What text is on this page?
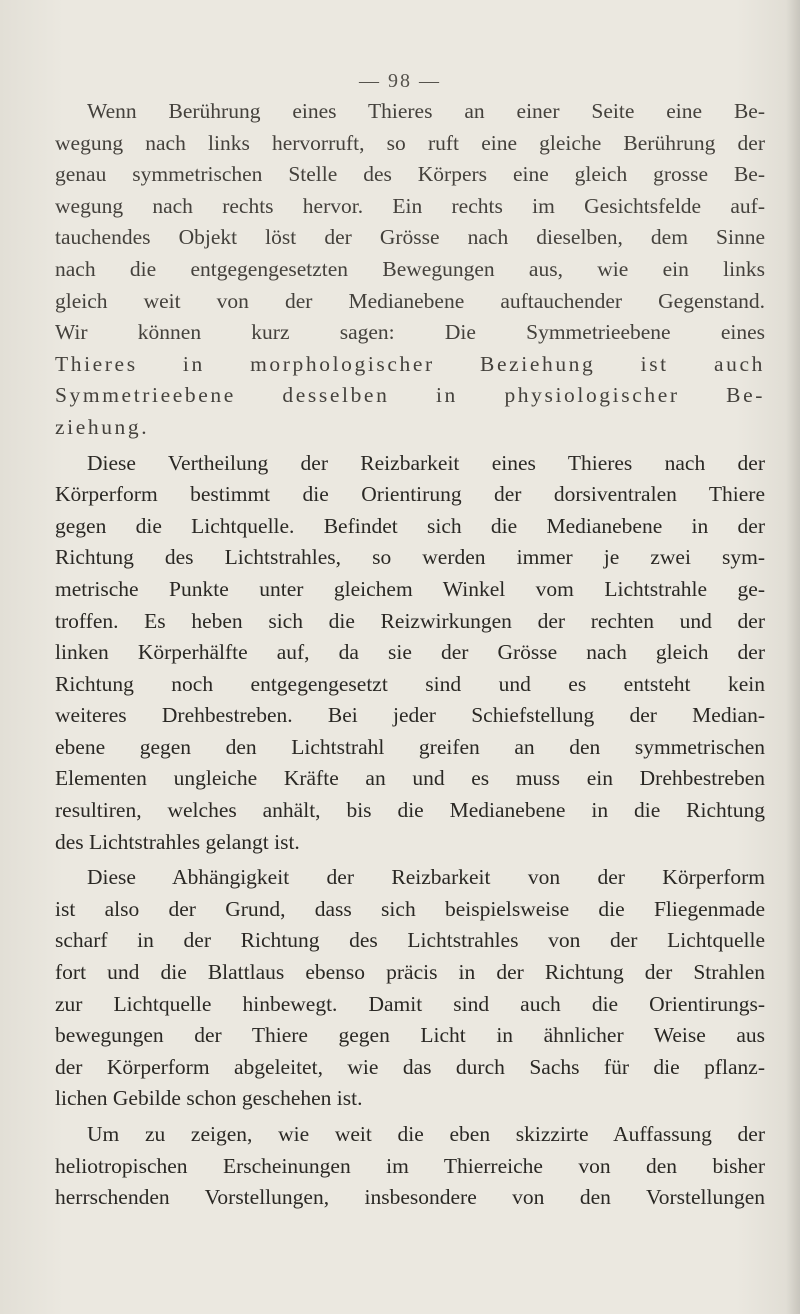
— 98 —
Wenn Berührung eines Thieres an einer Seite eine Be-
wegung nach links hervorruft, so ruft eine gleiche Berührung der
genau symmetrischen Stelle des Körpers eine gleich grosse Be-
wegung nach rechts hervor. Ein rechts im Gesichtsfelde auf-
tauchendes Objekt löst der Grösse nach dieselben, dem Sinne
nach die entgegengesetzten Bewegungen aus, wie ein links
gleich weit von der Medianebene auftauchender Gegenstand.
Wir können kurz sagen: Die Symmetrieebene eines
Thieres in morphologischer Beziehung ist auch
Symmetrieebene desselben in physiologischer Be-
ziehung.
Diese Vertheilung der Reizbarkeit eines Thieres nach der
Körperform bestimmt die Orientirung der dorsiventralen Thiere
gegen die Lichtquelle. Befindet sich die Medianebene in der
Richtung des Lichtstrahles, so werden immer je zwei sym-
metrische Punkte unter gleichem Winkel vom Lichtstrahle ge-
troffen. Es heben sich die Reizwirkungen der rechten und der
linken Körperhälfte auf, da sie der Grösse nach gleich der
Richtung noch entgegengesetzt sind und es entsteht kein
weiteres Drehbestreben. Bei jeder Schiefstellung der Median-
ebene gegen den Lichtstrahl greifen an den symmetrischen
Elementen ungleiche Kräfte an und es muss ein Drehbestreben
resultiren, welches anhält, bis die Medianebene in die Richtung
des Lichtstrahles gelangt ist.
Diese Abhängigkeit der Reizbarkeit von der Körperform
ist also der Grund, dass sich beispielsweise die Fliegenmade
scharf in der Richtung des Lichtstrahles von der Lichtquelle
fort und die Blattlaus ebenso präcis in der Richtung der Strahlen
zur Lichtquelle hinbewegt. Damit sind auch die Orientirungs-
bewegungen der Thiere gegen Licht in ähnlicher Weise aus
der Körperform abgeleitet, wie das durch Sachs für die pflanz-
lichen Gebilde schon geschehen ist.
Um zu zeigen, wie weit die eben skizzirte Auffassung der
heliotropischen Erscheinungen im Thierreiche von den bisher
herrschenden Vorstellungen, insbesondere von den Vorstellungen
